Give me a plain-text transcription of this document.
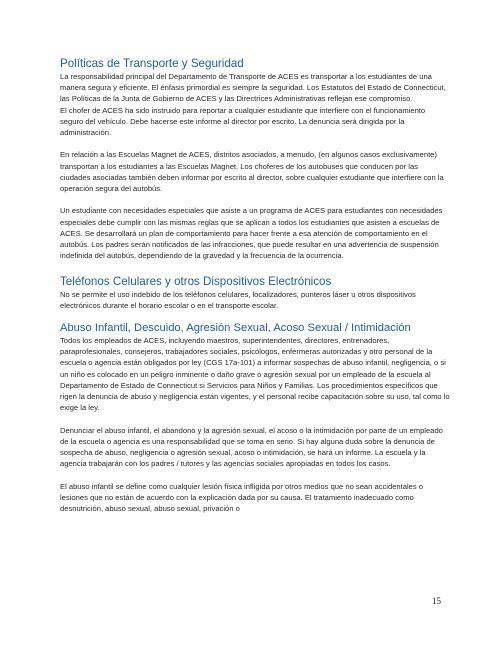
Políticas de Transporte y Seguridad

La responsabilidad principal del Departamento de Transporte de ACES es transportar a los estudiantes de una manera segura y eficiente. El énfasis primordial es siempre la seguridad. Los Estatutos del Estado de Connecticut, las Políticas de la Junta de Gobierno de ACES y las Directrices Administrativas reflejan ese compromiso.

El chofer de ACES ha sido instruido para reportar a cualquier estudiante que interfiere con el funcionamiento seguro del vehículo. Debe hacerse este informe al director por escrito. La denuncia será dirigida por la administración.

En relación a las Escuelas Magnet de ACES, distritos asociados, a menudo, (en algunos casos exclusivamente) transportan a los estudiantes a las Escuelas Magnet. Los choferes de los autobuses que conducen por las ciudades asociadas también deben informar por escrito al director, sobre cualquier estudiante que interfiere con la operación segura del autobús.

Un estudiante con necesidades especiales que asiste a un programa de ACES para estudiantes con necesidades especiales debe cumplir con las mismas reglas que se aplican a todos los estudiantes que asisten a escuelas de ACES. Se desarrollará un plan de comportamiento para hacer frente a esa atención de comportamiento en el autobús. Los padres serán notificados de las infracciones, que puede resultar en una advertencia de suspensión indefinida del autobús, dependiendo de la gravedad y la frecuencia de la ocurrencia.

Teléfonos Celulares y otros Dispositivos Electrónicos

No se permite el uso indebido de los teléfonos celulares, localizadores, punteros láser u otros dispositivos electrónicos durante el horario escolar o en el transporte escolar.

Abuso Infantil, Descuido, Agresión Sexual, Acoso Sexual / Intimidación

Todos los empleados de ACES, incluyendo maestros, superintendentes, directores, entrenadores, paraprofesionales, consejeros, trabajadores sociales, psicólogos, enfermeras autorizadas y otro personal de la escuela o agencia están obligados por ley (CGS 17a-101) a informar sospechas de abuso infantil, negligencia, o si un niño es colocado en un peligro inminente o daño grave o agresión sexual por un empleado de la escuela al Departamento de Estado de Connecticut si Servicios para Niños y Familias. Los procedimientos específicos que rigen la denuncia de abuso y negligencia están vigentes, y el personal recibe capacitación sobre su uso, tal como lo exige la ley.

Denunciar el abuso infantil, el abandono y la agresión sexual, el acoso o la intimidación por parte de un empleado de la escuela o agencia es una responsabilidad que se toma en serio. Si hay alguna duda sobre la denuncia de sospecha de abuso, negligencia o agresión sexual, acoso o intimidación, se hará un informe. La escuela y la agencia trabajarán con los padres / tutores y las agencias sociales apropiadas en todos los casos.

El abuso infantil se define como cualquier lesión física infligida por otros medios que no sean accidentales o lesiones que no están de acuerdo con la explicación dada por su causa. El tratamiento inadecuado como desnutrición, abuso sexual, abuso sexual, privación o

15
